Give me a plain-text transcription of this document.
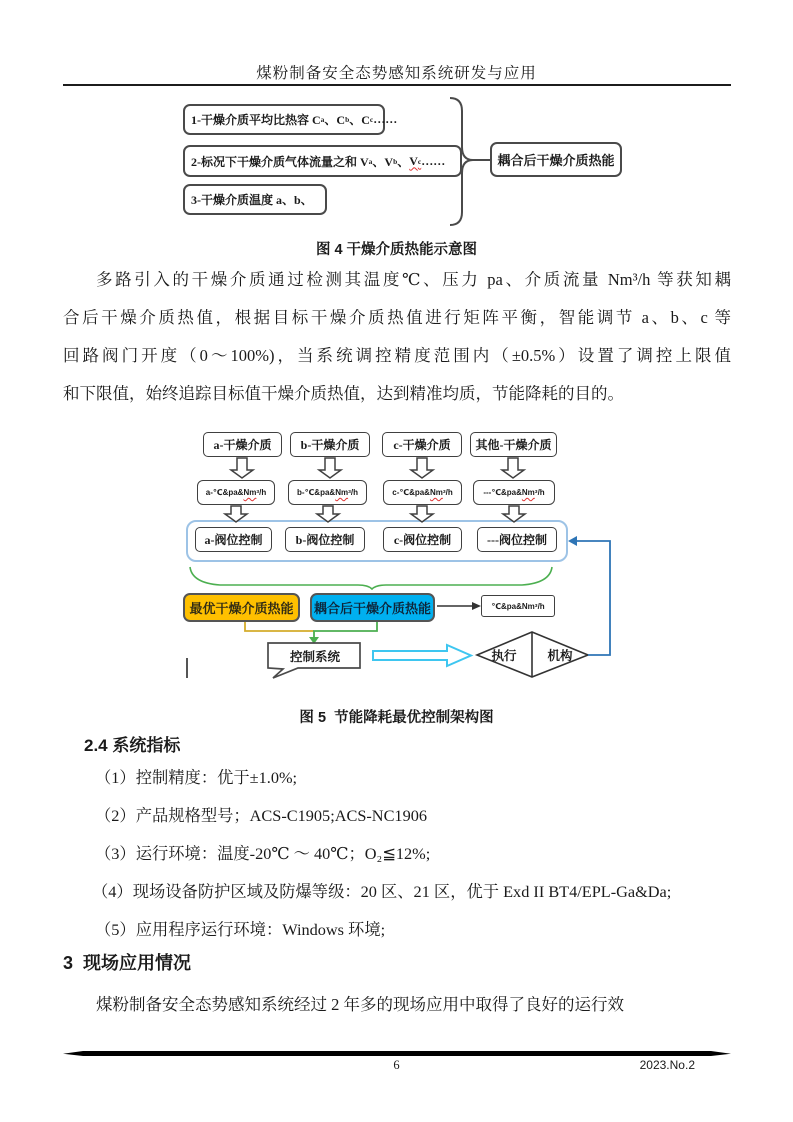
煤粉制备安全态势感知系统研发与应用
1-干燥介质平均比热容 C a 、C b 、C c ……
2-标况下干燥介质气体流量之和 V a 、V b 、 V c ……
3-干燥介质温度 a、b、
耦合后干燥介质热能
图 4 干燥介质热能示意图
多路引入的干燥介质通过检测其温度℃、压力 pa、介质流量 Nm³/h 等获知耦
合后干燥介质热值，根据目标干燥介质热值进行矩阵平衡，智能调节 a、b、c 等
回路阀门开度（0～100%)，当系统调控精度范围内（±0.5%）设置了调控上限值
和下限值，始终追踪目标值干燥介质热值，达到精准均质，节能降耗的目的。
a-干燥介质	b-干燥介质	c-干燥介质	其他-干燥介质
a-℃&pa& Nm 3 /h	b-℃&pa& Nm 3 /h	c-℃&pa& Nm 3 /h	---℃&pa& Nm 3 /h
a-阀位控制	b-阀位控制	c-阀位控制	---阀位控制
最优干燥介质热能	耦合后干燥介质热能	℃&pa&Nm 3 /h
控制系统	执行	机构
图 5  节能降耗最优控制架构图
2.4 系统指标
（1）控制精度：优于±1.0%;
（2）产品规格型号；ACS-C1905;ACS-NC1906
（3）运行环境：温度-20℃ ～ 40℃；O₂≦12%;
（4）现场设备防护区域及防爆等级：20 区、21 区，优于 Exd II BT4/EPL-Ga&Da;
（5）应用程序运行环境：Windows 环境;
3  现场应用情况
煤粉制备安全态势感知系统经过 2 年多的现场应用中取得了良好的运行效
6	2023.No.2
